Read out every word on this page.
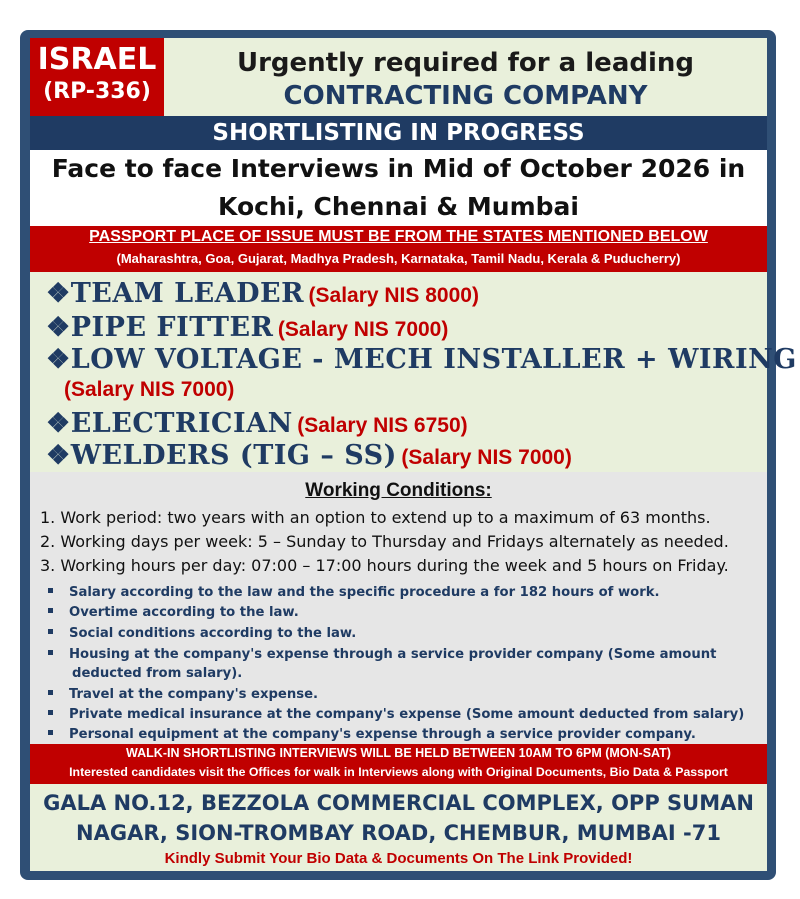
ISRAEL
(RP-336)
Urgently required for a leading
CONTRACTING COMPANY
SHORTLISTING IN PROGRESS
Face to face Interviews in Mid of October 2026 in
Kochi, Chennai & Mumbai
PASSPORT PLACE OF ISSUE MUST BE FROM THE STATES MENTIONED BELOW
(Maharashtra, Goa, Gujarat, Madhya Pradesh, Karnataka, Tamil Nadu, Kerala & Puducherry)
❖TEAM LEADER (Salary NIS 8000)
❖PIPE FITTER (Salary NIS 7000)
❖LOW VOLTAGE - MECH INSTALLER + WIRING
(Salary NIS 7000)
❖ELECTRICIAN (Salary NIS 6750)
❖WELDERS (TIG – SS) (Salary NIS 7000)
Working Conditions:
1. Work period: two years with an option to extend up to a maximum of 63 months.
2. Working days per week: 5 – Sunday to Thursday and Fridays alternately as needed.
3. Working hours per day: 07:00 – 17:00 hours during the week and 5 hours on Friday.
Salary according to the law and the specific procedure a for 182 hours of work.
Overtime according to the law.
Social conditions according to the law.
Housing at the company's expense through a service provider company (Some amount
deducted from salary).
Travel at the company's expense.
Private medical insurance at the company's expense (Some amount deducted from salary)
Personal equipment at the company's expense through a service provider company.
WALK-IN SHORTLISTING INTERVIEWS WILL BE HELD BETWEEN 10AM TO 6PM (MON-SAT)
Interested candidates visit the Offices for walk in Interviews along with Original Documents, Bio Data & Passport
GALA NO.12, BEZZOLA COMMERCIAL COMPLEX, OPP SUMAN
NAGAR, SION-TROMBAY ROAD, CHEMBUR, MUMBAI -71
Kindly Submit Your Bio Data & Documents On The Link Provided!
